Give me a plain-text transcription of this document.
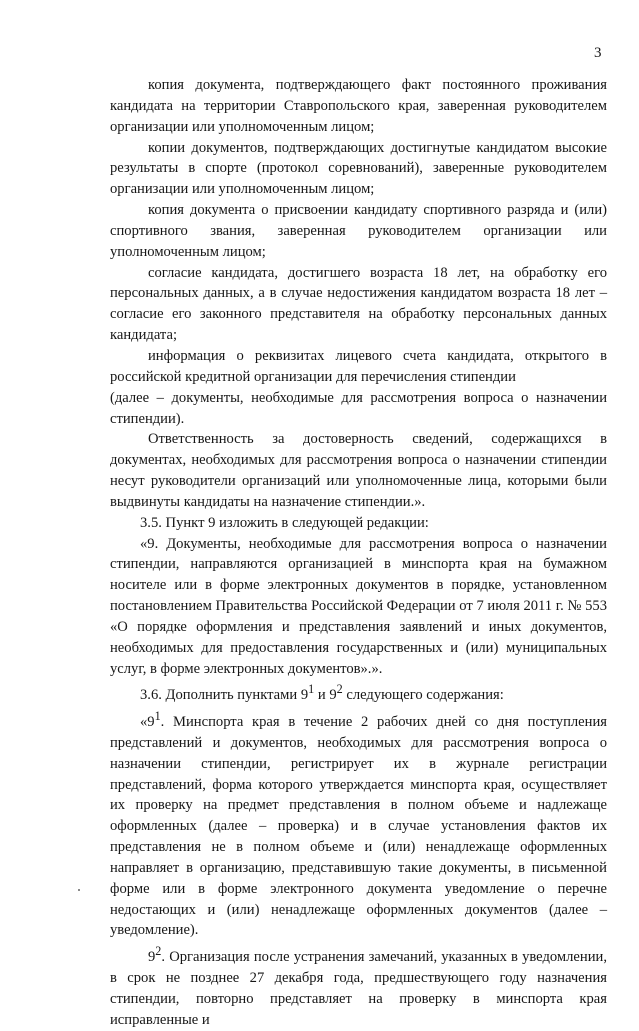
3

копия документа, подтверждающего факт постоянного проживания кандидата на территории Ставропольского края, заверенная руководителем организации или уполномоченным лицом;

копии документов, подтверждающих достигнутые кандидатом высокие результаты в спорте (протокол соревнований), заверенные руководителем организации или уполномоченным лицом;

копия документа о присвоении кандидату спортивного разряда и (или) спортивного звания, заверенная руководителем организации или уполномоченным лицом;

согласие кандидата, достигшего возраста 18 лет, на обработку его персональных данных, а в случае недостижения кандидатом возраста 18 лет – согласие его законного представителя на обработку персональных данных кандидата;

информация о реквизитах лицевого счета кандидата, открытого в российской кредитной организации для перечисления стипендии

(далее – документы, необходимые для рассмотрения вопроса о назначении стипендии).

Ответственность за достоверность сведений, содержащихся в документах, необходимых для рассмотрения вопроса о назначении стипендии несут руководители организаций или уполномоченные лица, которыми были выдвинуты кандидаты на назначение стипендии.».

3.5. Пункт 9 изложить в следующей редакции:

«9. Документы, необходимые для рассмотрения вопроса о назначении стипендии, направляются организацией в минспорта края на бумажном носителе или в форме электронных документов в порядке, установленном постановлением Правительства Российской Федерации от 7 июля 2011 г. № 553 «О порядке оформления и представления заявлений и иных документов, необходимых для предоставления государственных и (или) муниципальных услуг, в форме электронных документов».».

3.6. Дополнить пунктами $9^1$ и $9^2$ следующего содержания:

«$9^1$. Минспорта края в течение 2 рабочих дней со дня поступления представлений и документов, необходимых для рассмотрения вопроса о назначении стипендии, регистрирует их в журнале регистрации представлений, форма которого утверждается минспорта края, осуществляет их проверку на предмет представления в полном объеме и надлежаще оформленных (далее – проверка) и в случае установления фактов их представления не в полном объеме и (или) ненадлежаще оформленных направляет в организацию, представившую такие документы, в письменной форме или в форме электронного документа уведомление о перечне недостающих и (или) ненадлежаще оформленных документов (далее – уведомление).

$9^2$. Организация после устранения замечаний, указанных в уведомлении, в срок не позднее 27 декабря года, предшествующего году назначения стипендии, повторно представляет на проверку в минспорта края исправленные и
